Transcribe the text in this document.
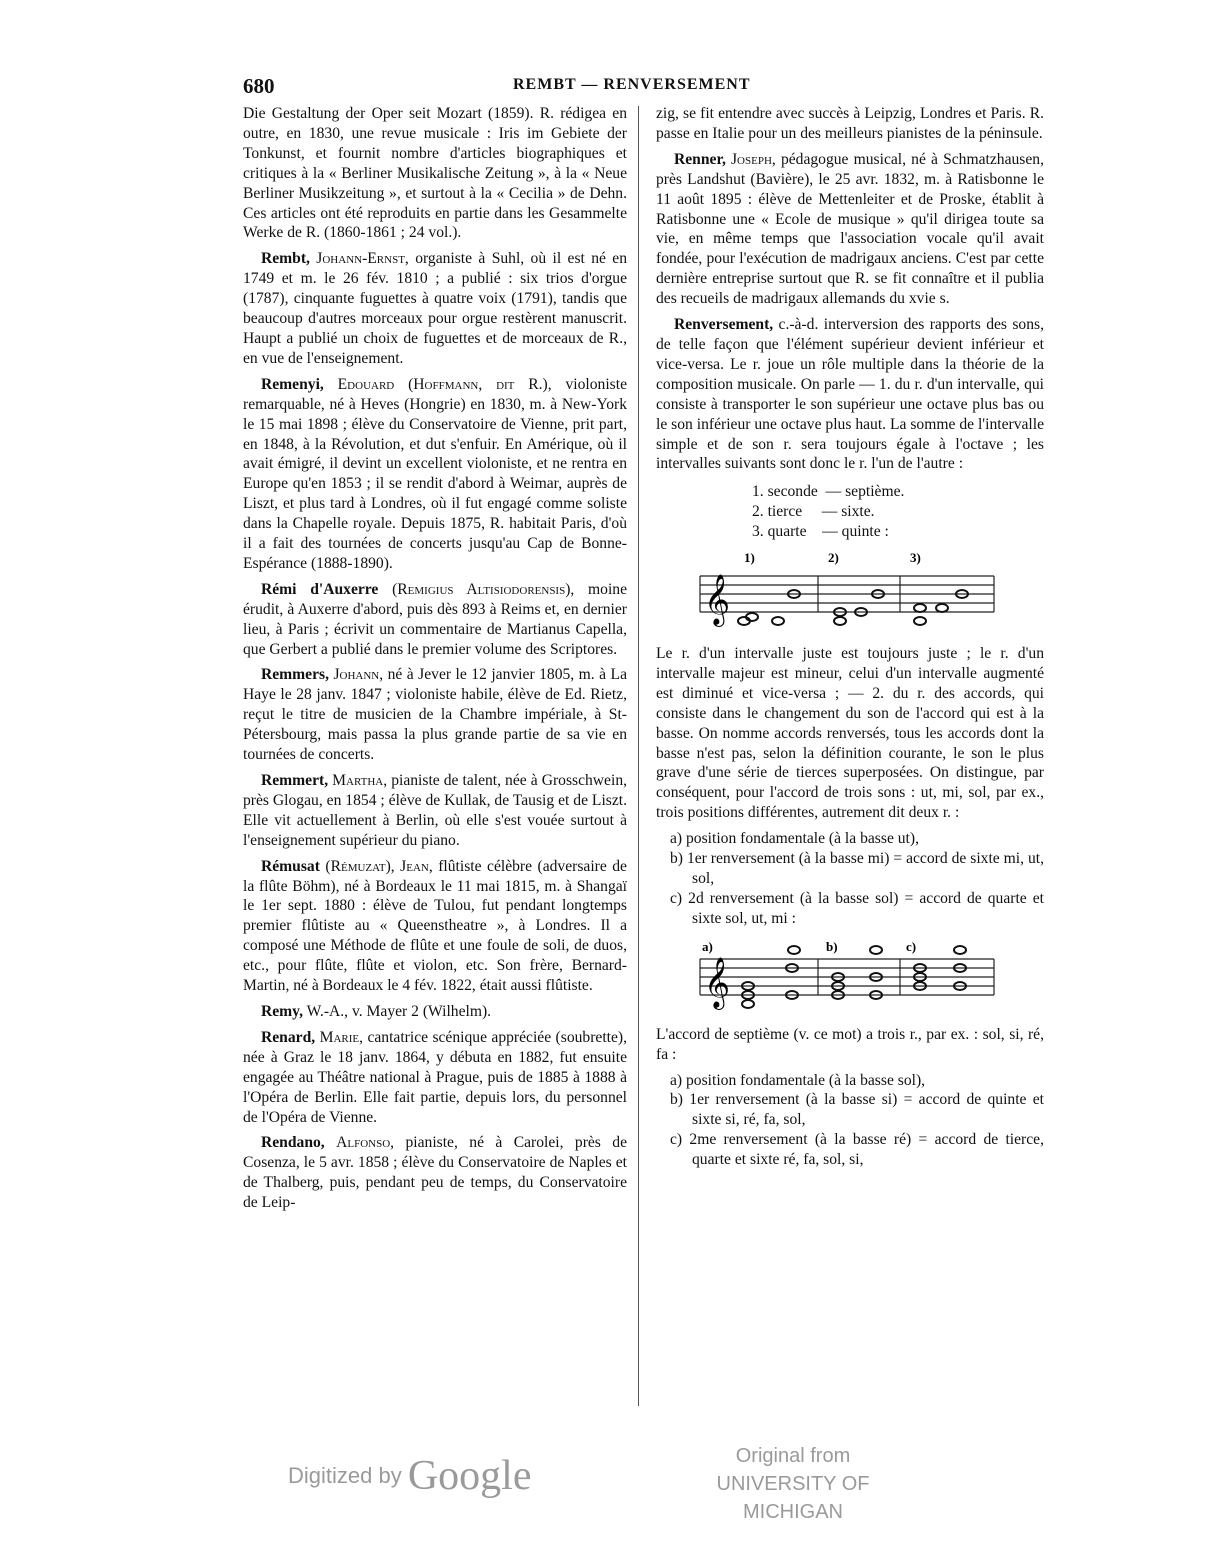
680	REMBT — RENVERSEMENT

Die Gestaltung der Oper seit Mozart (1859). R. rédigea en outre, en 1830, une revue musicale : Iris im Gebiete der Tonkunst, et fournit nombre d'articles biographiques et critiques à la « Berliner Musikalische Zeitung », à la « Neue Berliner Musikzeitung », et surtout à la « Cecilia » de Dehn. Ces articles ont été reproduits en partie dans les Gesammelte Werke de R. (1860-1861 ; 24 vol.).

Rembt, Johann-Ernst, organiste à Suhl, où il est né en 1749 et m. le 26 fév. 1810 ; a publié : six trios d'orgue (1787), cinquante fuguettes à quatre voix (1791), tandis que beaucoup d'autres morceaux pour orgue restèrent manuscrit. Haupt a publié un choix de fuguettes et de morceaux de R., en vue de l'enseignement.

Remenyi, Edouard (Hoffmann, dit R.), violoniste remarquable, né à Heves (Hongrie) en 1830, m. à New-York le 15 mai 1898 ; élève du Conservatoire de Vienne, prit part, en 1848, à la Révolution, et dut s'enfuir. En Amérique, où il avait émigré, il devint un excellent violoniste, et ne rentra en Europe qu'en 1853 ; il se rendit d'abord à Weimar, auprès de Liszt, et plus tard à Londres, où il fut engagé comme soliste dans la Chapelle royale. Depuis 1875, R. habitait Paris, d'où il a fait des tournées de concerts jusqu'au Cap de Bonne-Espérance (1888-1890).

Rémi d'Auxerre (Remigius Altisiodorensis), moine érudit, à Auxerre d'abord, puis dès 893 à Reims et, en dernier lieu, à Paris ; écrivit un commentaire de Martianus Capella, que Gerbert a publié dans le premier volume des Scriptores.

Remmers, Johann, né à Jever le 12 janvier 1805, m. à La Haye le 28 janv. 1847 ; violoniste habile, élève de Ed. Rietz, reçut le titre de musicien de la Chambre impériale, à St-Pétersbourg, mais passa la plus grande partie de sa vie en tournées de concerts.

Remmert, Martha, pianiste de talent, née à Grosschwein, près Glogau, en 1854 ; élève de Kullak, de Tausig et de Liszt. Elle vit actuellement à Berlin, où elle s'est vouée surtout à l'enseignement supérieur du piano.

Rémusat (Rémuzat), Jean, flûtiste célèbre (adversaire de la flûte Böhm), né à Bordeaux le 11 mai 1815, m. à Shangaï le 1er sept. 1880 : élève de Tulou, fut pendant longtemps premier flûtiste au « Queenstheatre », à Londres. Il a composé une Méthode de flûte et une foule de soli, de duos, etc., pour flûte, flûte et violon, etc. Son frère, Bernard-Martin, né à Bordeaux le 4 fév. 1822, était aussi flûtiste.

Remy, W.-A., v. Mayer 2 (Wilhelm).

Renard, Marie, cantatrice scénique appréciée (soubrette), née à Graz le 18 janv. 1864, y débuta en 1882, fut ensuite engagée au Théâtre national à Prague, puis de 1885 à 1888 à l'Opéra de Berlin. Elle fait partie, depuis lors, du personnel de l'Opéra de Vienne.

Rendano, Alfonso, pianiste, né à Carolei, près de Cosenza, le 5 avr. 1858 ; élève du Conservatoire de Naples et de Thalberg, puis, pendant peu de temps, du Conservatoire de Leip-

zig, se fit entendre avec succès à Leipzig, Londres et Paris. R. passe en Italie pour un des meilleurs pianistes de la péninsule.

Renner, Joseph, pédagogue musical, né à Schmatzhausen, près Landshut (Bavière), le 25 avr. 1832, m. à Ratisbonne le 11 août 1895 : élève de Mettenleiter et de Proske, établit à Ratisbonne une « Ecole de musique » qu'il dirigea toute sa vie, en même temps que l'association vocale qu'il avait fondée, pour l'exécution de madrigaux anciens. C'est par cette dernière entreprise surtout que R. se fit connaître et il publia des recueils de madrigaux allemands du xvie s.

Renversement, c.-à-d. interversion des rapports des sons, de telle façon que l'élément supérieur devient inférieur et vice-versa. Le r. joue un rôle multiple dans la théorie de la composition musicale. On parle — 1. du r. d'un intervalle, qui consiste à transporter le son supérieur une octave plus bas ou le son inférieur une octave plus haut. La somme de l'intervalle simple et de son r. sera toujours égale à l'octave ; les intervalles suivants sont donc le r. l'un de l'autre :

1. seconde  — septième.
2. tierce     — sixte.
3. quarte    — quinte :
𝄞
1)	2)	3)

Le r. d'un intervalle juste est toujours juste ; le r. d'un intervalle majeur est mineur, celui d'un intervalle augmenté est diminué et vice-versa ; — 2. du r. des accords, qui consiste dans le changement du son de l'accord qui est à la basse. On nomme accords renversés, tous les accords dont la basse n'est pas, selon la définition courante, le son le plus grave d'une série de tierces superposées. On distingue, par conséquent, pour l'accord de trois sons : ut, mi, sol, par ex., trois positions différentes, autrement dit deux r. :

a) position fondamentale (à la basse ut),

b) 1er renversement (à la basse mi) = accord de sixte mi, ut, sol,

c) 2d renversement (à la basse sol) = accord de quarte et sixte sol, ut, mi :

𝄞
a)	b)	c)

L'accord de septième (v. ce mot) a trois r., par ex. : sol, si, ré, fa :

a) position fondamentale (à la basse sol),

b) 1er renversement (à la basse si) = accord de quinte et sixte si, ré, fa, sol,

c) 2me renversement (à la basse ré) = accord de tierce, quarte et sixte ré, fa, sol, si,

Digitized by Google	Original from
UNIVERSITY OF MICHIGAN
